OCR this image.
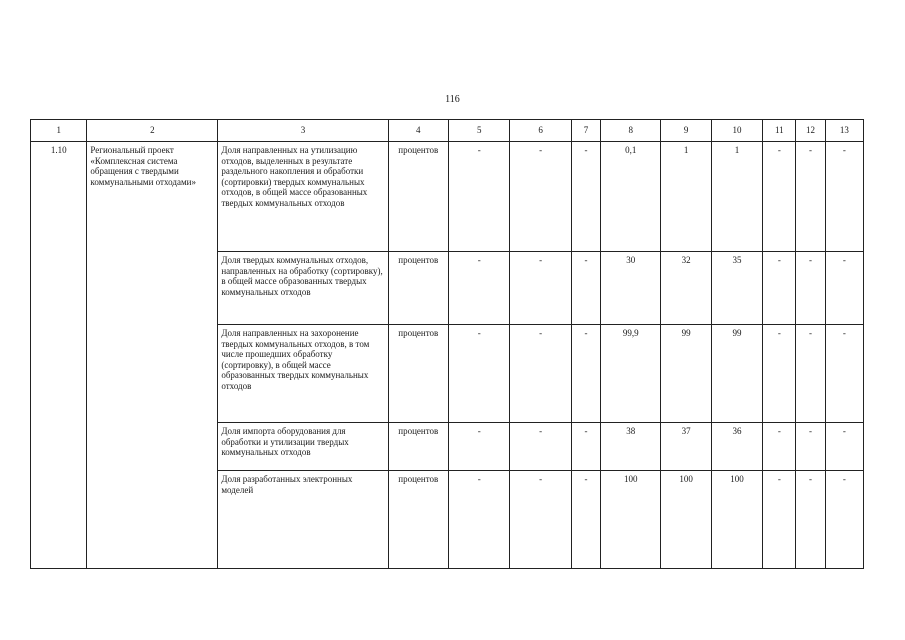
116
1	2	3	4	5	6	7	8	9	10	11	12	13
1.10	Региональный проект «Комплексная система обращения с твердыми коммунальными отходами»	Доля направленных на утилизацию отходов, выделенных в результате раздельного накопления и обработки (сортировки) твердых коммунальных отходов, в общей массе образованных твердых коммунальных отходов	процентов	-	-	-	0,1	1	1	-	-	-
		Доля твердых коммунальных отходов, направленных на обработку (сортировку), в общей массе образованных твердых коммунальных отходов	процентов	-	-	-	30	32	35	-	-	-
		Доля направленных на захоронение твердых коммунальных отходов, в том числе прошедших обработку (сортировку), в общей массе образованных твердых коммунальных отходов	процентов	-	-	-	99,9	99	99	-	-	-
		Доля импорта оборудования для обработки и утилизации твердых коммунальных отходов	процентов	-	-	-	38	37	36	-	-	-
		Доля разработанных электронных моделей	процентов	-	-	-	100	100	100	-	-	-
